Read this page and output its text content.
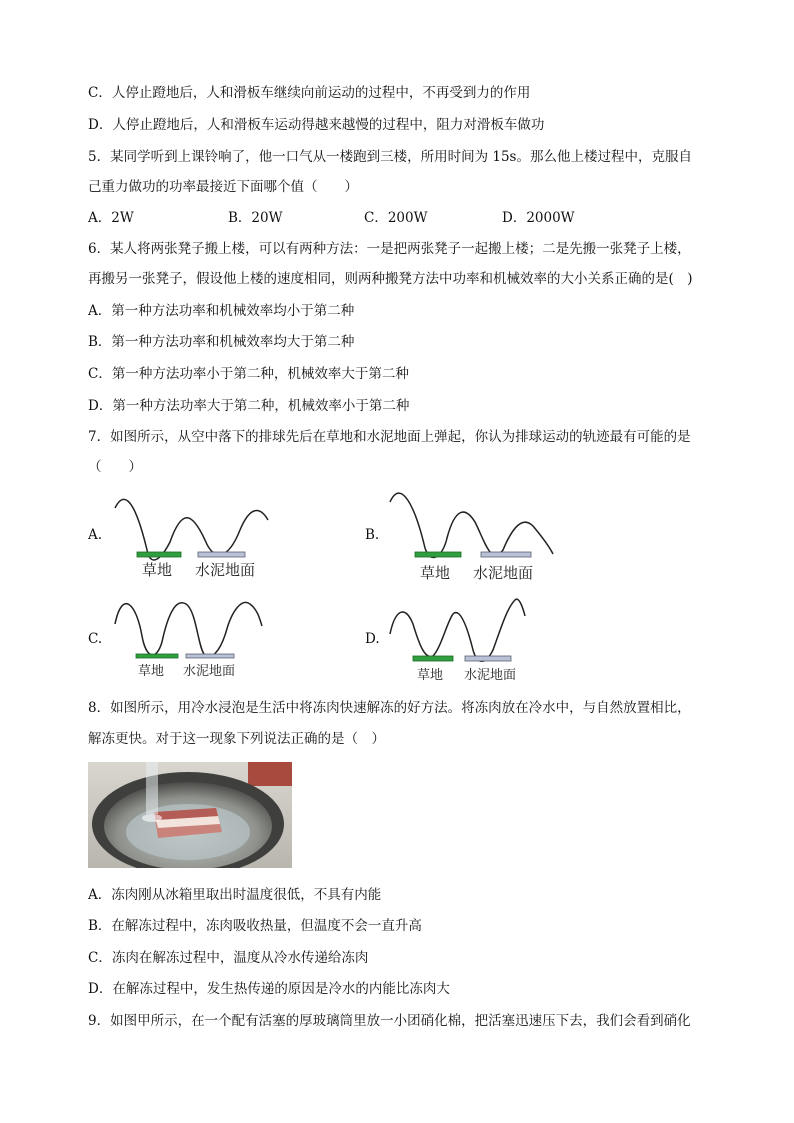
C．人停止蹬地后，人和滑板车继续向前运动的过程中，不再受到力的作用
D．人停止蹬地后，人和滑板车运动得越来越慢的过程中，阻力对滑板车做功
5．某同学听到上课铃响了，他一口气从一楼跑到三楼，所用时间为 15s。那么他上楼过程中，克服自
己重力做功的功率最接近下面哪个值（　　）
A．2W	B．20W	C．200W	D．2000W
6．某人将两张凳子搬上楼，可以有两种方法：一是把两张凳子一起搬上楼；二是先搬一张凳子上楼，
再搬另一张凳子，假设他上楼的速度相同，则两种搬凳方法中功率和机械效率的大小关系正确的是(　)
A．第一种方法功率和机械效率均小于第二种
B．第一种方法功率和机械效率均大于第二种
C．第一种方法功率小于第二种，机械效率大于第二种
D．第一种方法功率大于第二种，机械效率小于第二种
7．如图所示，从空中落下的排球先后在草地和水泥地面上弹起，你认为排球运动的轨迹最有可能的是
（　　）
A.
草地 水泥地面
B.
草地 水泥地面
C.
草地 水泥地面
D.
草地 水泥地面
8．如图所示，用冷水浸泡是生活中将冻肉快速解冻的好方法。将冻肉放在冷水中，与自然放置相比，
解冻更快。对于这一现象下列说法正确的是（　）
A．冻肉刚从冰箱里取出时温度很低，不具有内能
B．在解冻过程中，冻肉吸收热量，但温度不会一直升高
C．冻肉在解冻过程中，温度从冷水传递给冻肉
D．在解冻过程中，发生热传递的原因是冷水的内能比冻肉大
9．如图甲所示，在一个配有活塞的厚玻璃筒里放一小团硝化棉，把活塞迅速压下去，我们会看到硝化
